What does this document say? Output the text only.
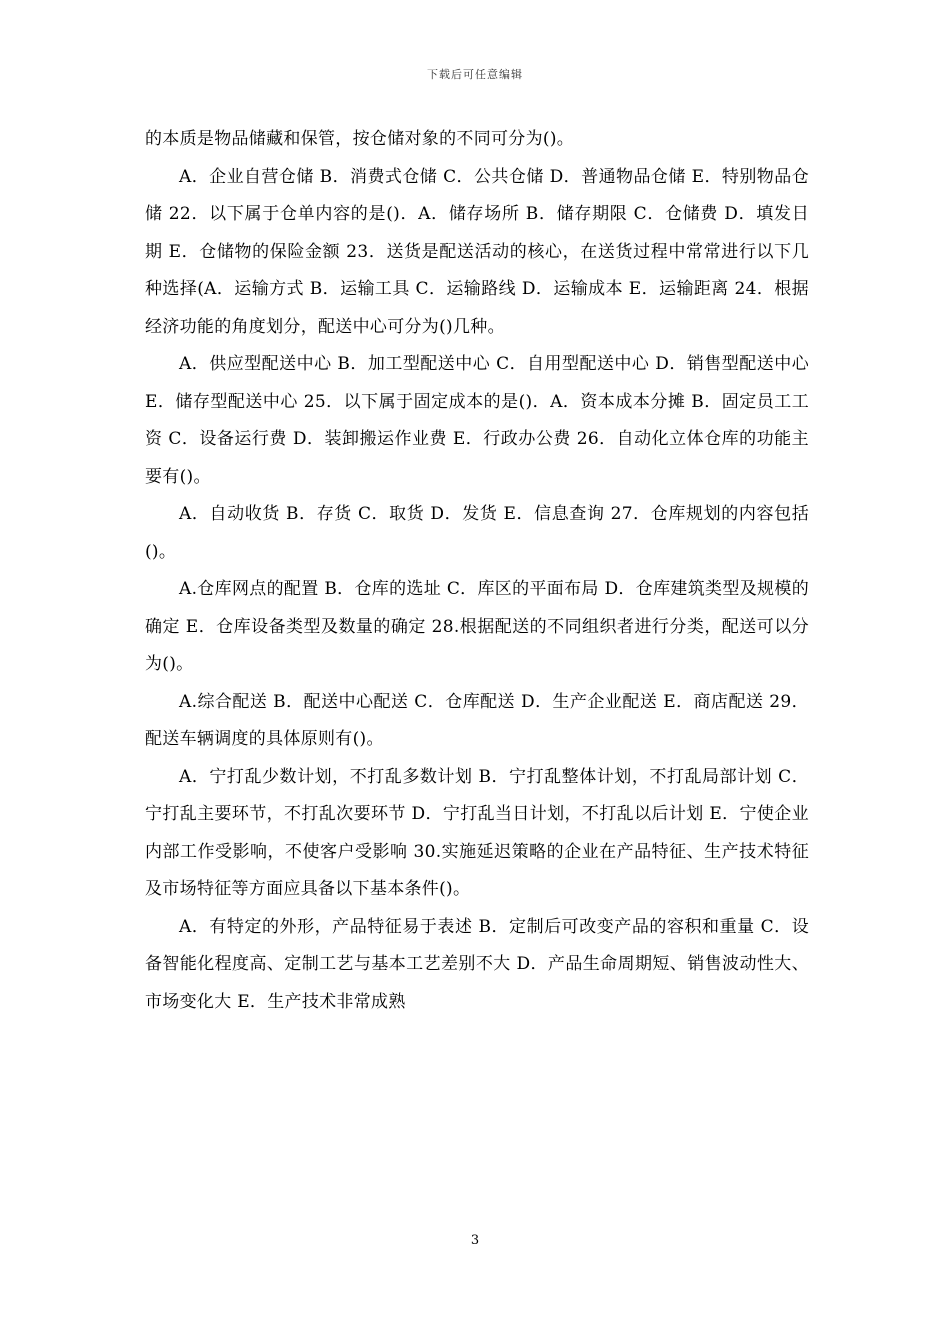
下载后可任意编辑

的本质是物品储藏和保管，按仓储对象的不同可分为()。

A．企业自营仓储 B．消费式仓储 C．公共仓储 D．普通物品仓储 E．特别物品仓储 22．以下属于仓单内容的是()．A．储存场所 B．储存期限 C．仓储费 D．填发日期 E．仓储物的保险金额 23．送货是配送活动的核心，在送货过程中常常进行以下几种选择(A．运输方式 B．运输工具 C．运输路线 D．运输成本 E．运输距离 24．根据经济功能的角度划分，配送中心可分为()几种。

A．供应型配送中心 B．加工型配送中心 C．自用型配送中心 D．销售型配送中心 E．储存型配送中心 25．以下属于固定成本的是()．A．资本成本分摊 B．固定员工工资 C．设备运行费 D．装卸搬运作业费 E．行政办公费 26．自动化立体仓库的功能主要有()。

A．自动收货 B．存货 C．取货 D．发货 E．信息查询 27．仓库规划的内容包括()。

A.仓库网点的配置 B．仓库的选址 C．库区的平面布局 D．仓库建筑类型及规模的确定 E．仓库设备类型及数量的确定 28.根据配送的不同组织者进行分类，配送可以分为()。

A.综合配送 B．配送中心配送 C．仓库配送 D．生产企业配送 E．商店配送 29．配送车辆调度的具体原则有()。

A．宁打乱少数计划，不打乱多数计划 B．宁打乱整体计划，不打乱局部计划 C．宁打乱主要环节，不打乱次要环节 D．宁打乱当日计划，不打乱以后计划 E．宁使企业内部工作受影响，不使客户受影响 30.实施延迟策略的企业在产品特征、生产技术特征及市场特征等方面应具备以下基本条件()。

A．有特定的外形，产品特征易于表述 B．定制后可改变产品的容积和重量 C．设备智能化程度高、定制工艺与基本工艺差别不大 D．产品生命周期短、销售波动性大、市场变化大 E．生产技术非常成熟

3
